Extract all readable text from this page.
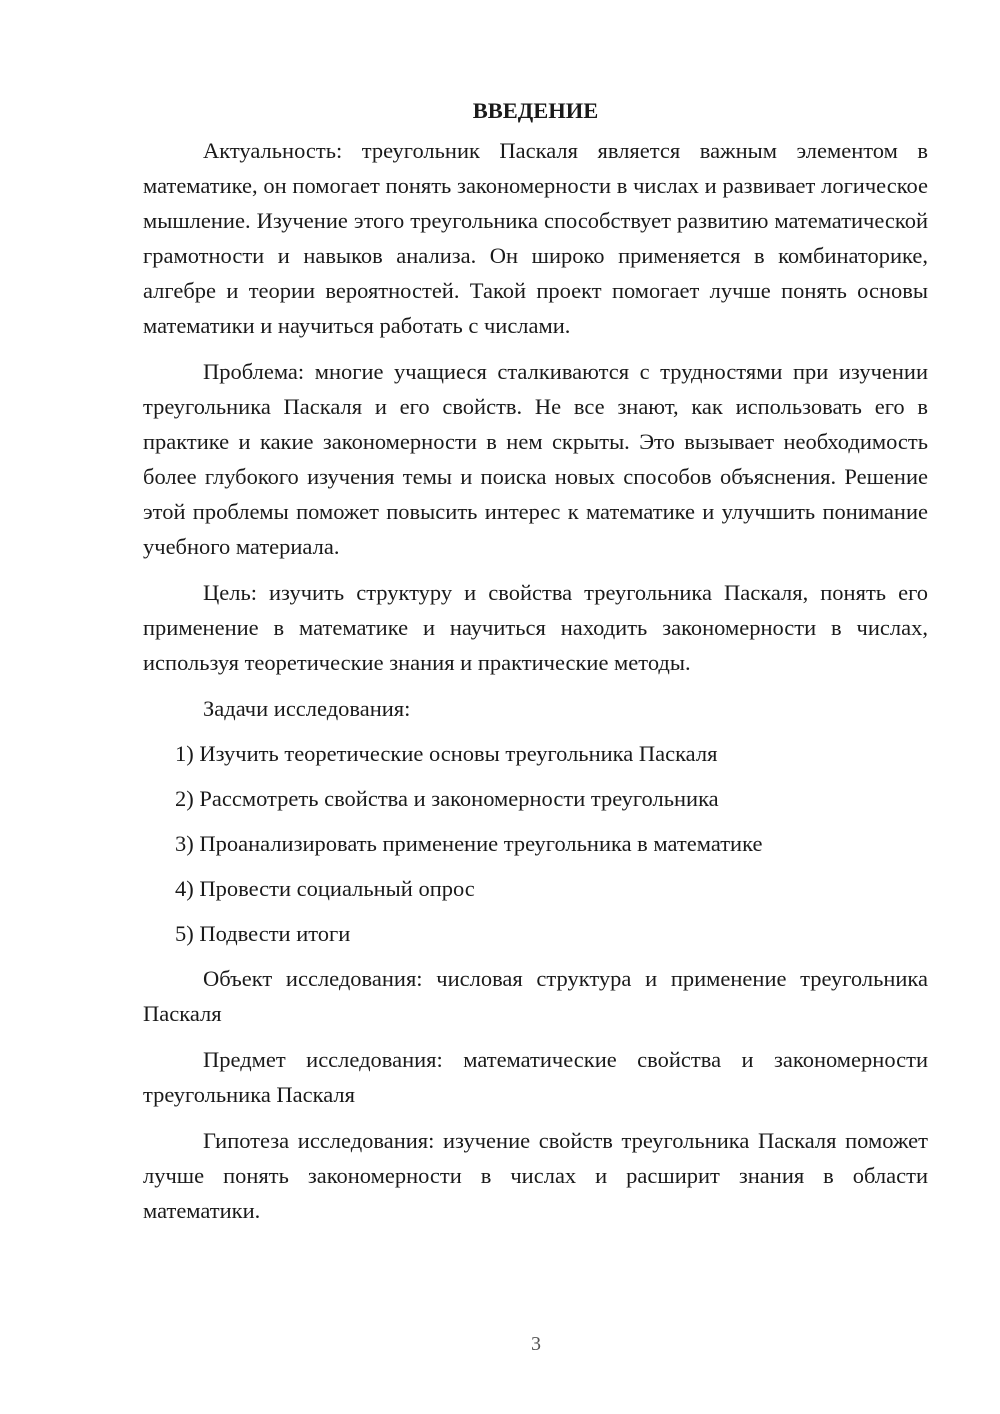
ВВЕДЕНИЕ

Актуальность: треугольник Паскаля является важным элементом в математике, он помогает понять закономерности в числах и развивает логическое мышление. Изучение этого треугольника способствует развитию математической грамотности и навыков анализа. Он широко применяется в комбинаторике, алгебре и теории вероятностей. Такой проект помогает лучше понять основы математики и научиться работать с числами.

Проблема: многие учащиеся сталкиваются с трудностями при изучении треугольника Паскаля и его свойств. Не все знают, как использовать его в практике и какие закономерности в нем скрыты. Это вызывает необходимость более глубокого изучения темы и поиска новых способов объяснения. Решение этой проблемы поможет повысить интерес к математике и улучшить понимание учебного материала.

Цель: изучить структуру и свойства треугольника Паскаля, понять его применение в математике и научиться находить закономерности в числах, используя теоретические знания и практические методы.

Задачи исследования:
1) Изучить теоретические основы треугольника Паскаля
2) Рассмотреть свойства и закономерности треугольника
3) Проанализировать применение треугольника в математике
4) Провести социальный опрос
5) Подвести итоги

Объект исследования: числовая структура и применение треугольника Паскаля

Предмет исследования: математические свойства и закономерности треугольника Паскаля

Гипотеза исследования: изучение свойств треугольника Паскаля поможет лучше понять закономерности в числах и расширит знания в области математики.

3
